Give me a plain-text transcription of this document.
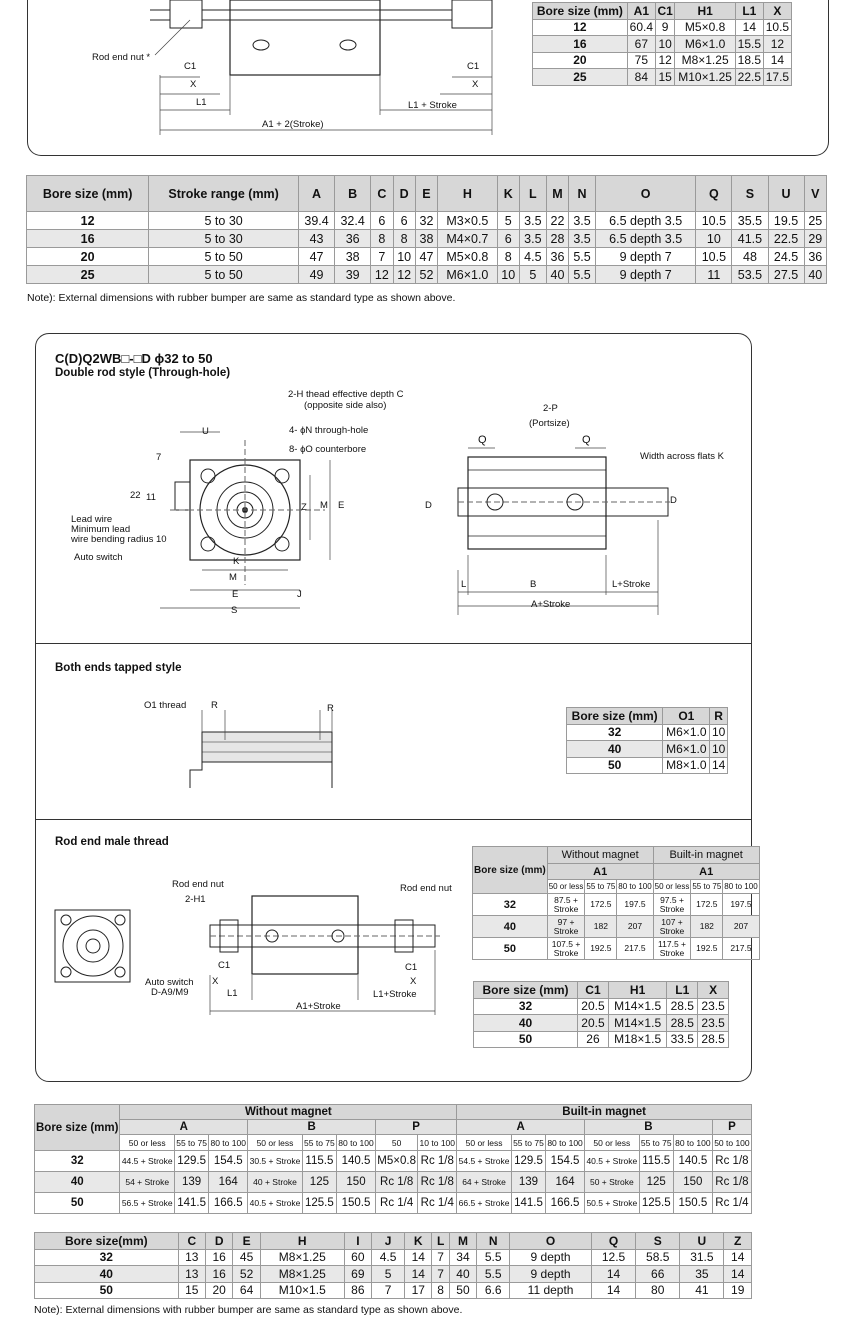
Rod end nut *
C1
X
L1
C1
X
L1 + Stroke
A1 + 2(Stroke)
Bore size (mm)	A1	C1	H1	L1	X
12	60.4	9	M5×0.8	14	10.5
16	67	10	M6×1.0	15.5	12
20	75	12	M8×1.25	18.5	14
25	84	15	M10×1.25	22.5	17.5
Bore size (mm)	Stroke range (mm)	A	B	C	D	E	H	K	L	M	N	O	Q	S	U	V
12	5 to 30	39.4	32.4	6	6	32	M3×0.5	5	3.5	22	3.5	6.5 depth 3.5	10.5	35.5	19.5	25
16	5 to 30	43	36	8	8	38	M4×0.7	6	3.5	28	3.5	6.5 depth 3.5	10	41.5	22.5	29
20	5 to 50	47	38	7	10	47	M5×0.8	8	4.5	36	5.5	9 depth 7	10.5	48	24.5	36
25	5 to 50	49	39	12	12	52	M6×1.0	10	5	40	5.5	9 depth 7	11	53.5	27.5	40
Note): External dimensions with rubber bumper are same as standard type as shown above.
C(D)Q2WB□-□D ϕ32 to 50
Double rod style (Through-hole)
U
2-H thead effective depth C
(opposite side also)
4- ϕN through-hole
8- ϕO counterbore
7
22 11
Lead wire
Minimum lead
wire bending radius 10
Auto switch
Z M E
K
M
E	J
S
2-P
(Portsize)
Q	Q
Width across flats K
D	D
L	B	L+Stroke
A+Stroke
Both ends tapped style
O1 thread	R	R
Bore size (mm)	O1	R
32	M6×1.0	10
40	M6×1.0	10
50	M8×1.0	14
Rod end male thread
Rod end nut
2-H1
Rod end nut
Auto switch
D-A9/M9
C1
X
L1
C1
X
L1+Stroke
A1+Stroke
Bore size (mm)	Without magnet			Built-in magnet		
	A1			A1		
	50 or less	55 to 75	80 to 100	50 or less	55 to 75	80 to 100
32	87.5 + Stroke	172.5	197.5	97.5 + Stroke	172.5	197.5
40	97 + Stroke	182	207	107 + Stroke	182	207
50	107.5 + Stroke	192.5	217.5	117.5 + Stroke	192.5	217.5
Bore size (mm)	C1	H1	L1	X
32	20.5	M14×1.5	28.5	23.5
40	20.5	M14×1.5	28.5	23.5
50	26	M18×1.5	33.5	28.5
Bore size (mm)	Without magnet								Built-in magnet						
	A			B			P		A			B			P
	50 or less	55 to 75	80 to 100	50 or less	55 to 75	80 to 100	50	10 to 100	50 or less	55 to 75	80 to 100	50 or less	55 to 75	80 to 100	50 to 100
32	44.5 + Stroke	129.5	154.5	30.5 + Stroke	115.5	140.5	M5×0.8	Rc 1/8	54.5 + Stroke	129.5	154.5	40.5 + Stroke	115.5	140.5	Rc 1/8
40	54 + Stroke	139	164	40 + Stroke	125	150	Rc 1/8	Rc 1/8	64 + Stroke	139	164	50 + Stroke	125	150	Rc 1/8
50	56.5 + Stroke	141.5	166.5	40.5 + Stroke	125.5	150.5	Rc 1/4	Rc 1/4	66.5 + Stroke	141.5	166.5	50.5 + Stroke	125.5	150.5	Rc 1/4
Bore size(mm)	C	D	E	H	I	J	K	L	M	N	O	Q	S	U	Z
32	13	16	45	M8×1.25	60	4.5	14	7	34	5.5	9 depth	12.5	58.5	31.5	14
40	13	16	52	M8×1.25	69	5	14	7	40	5.5	9 depth	14	66	35	14
50	15	20	64	M10×1.5	86	7	17	8	50	6.6	11 depth	14	80	41	19
Note): External dimensions with rubber bumper are same as standard type as shown above.
